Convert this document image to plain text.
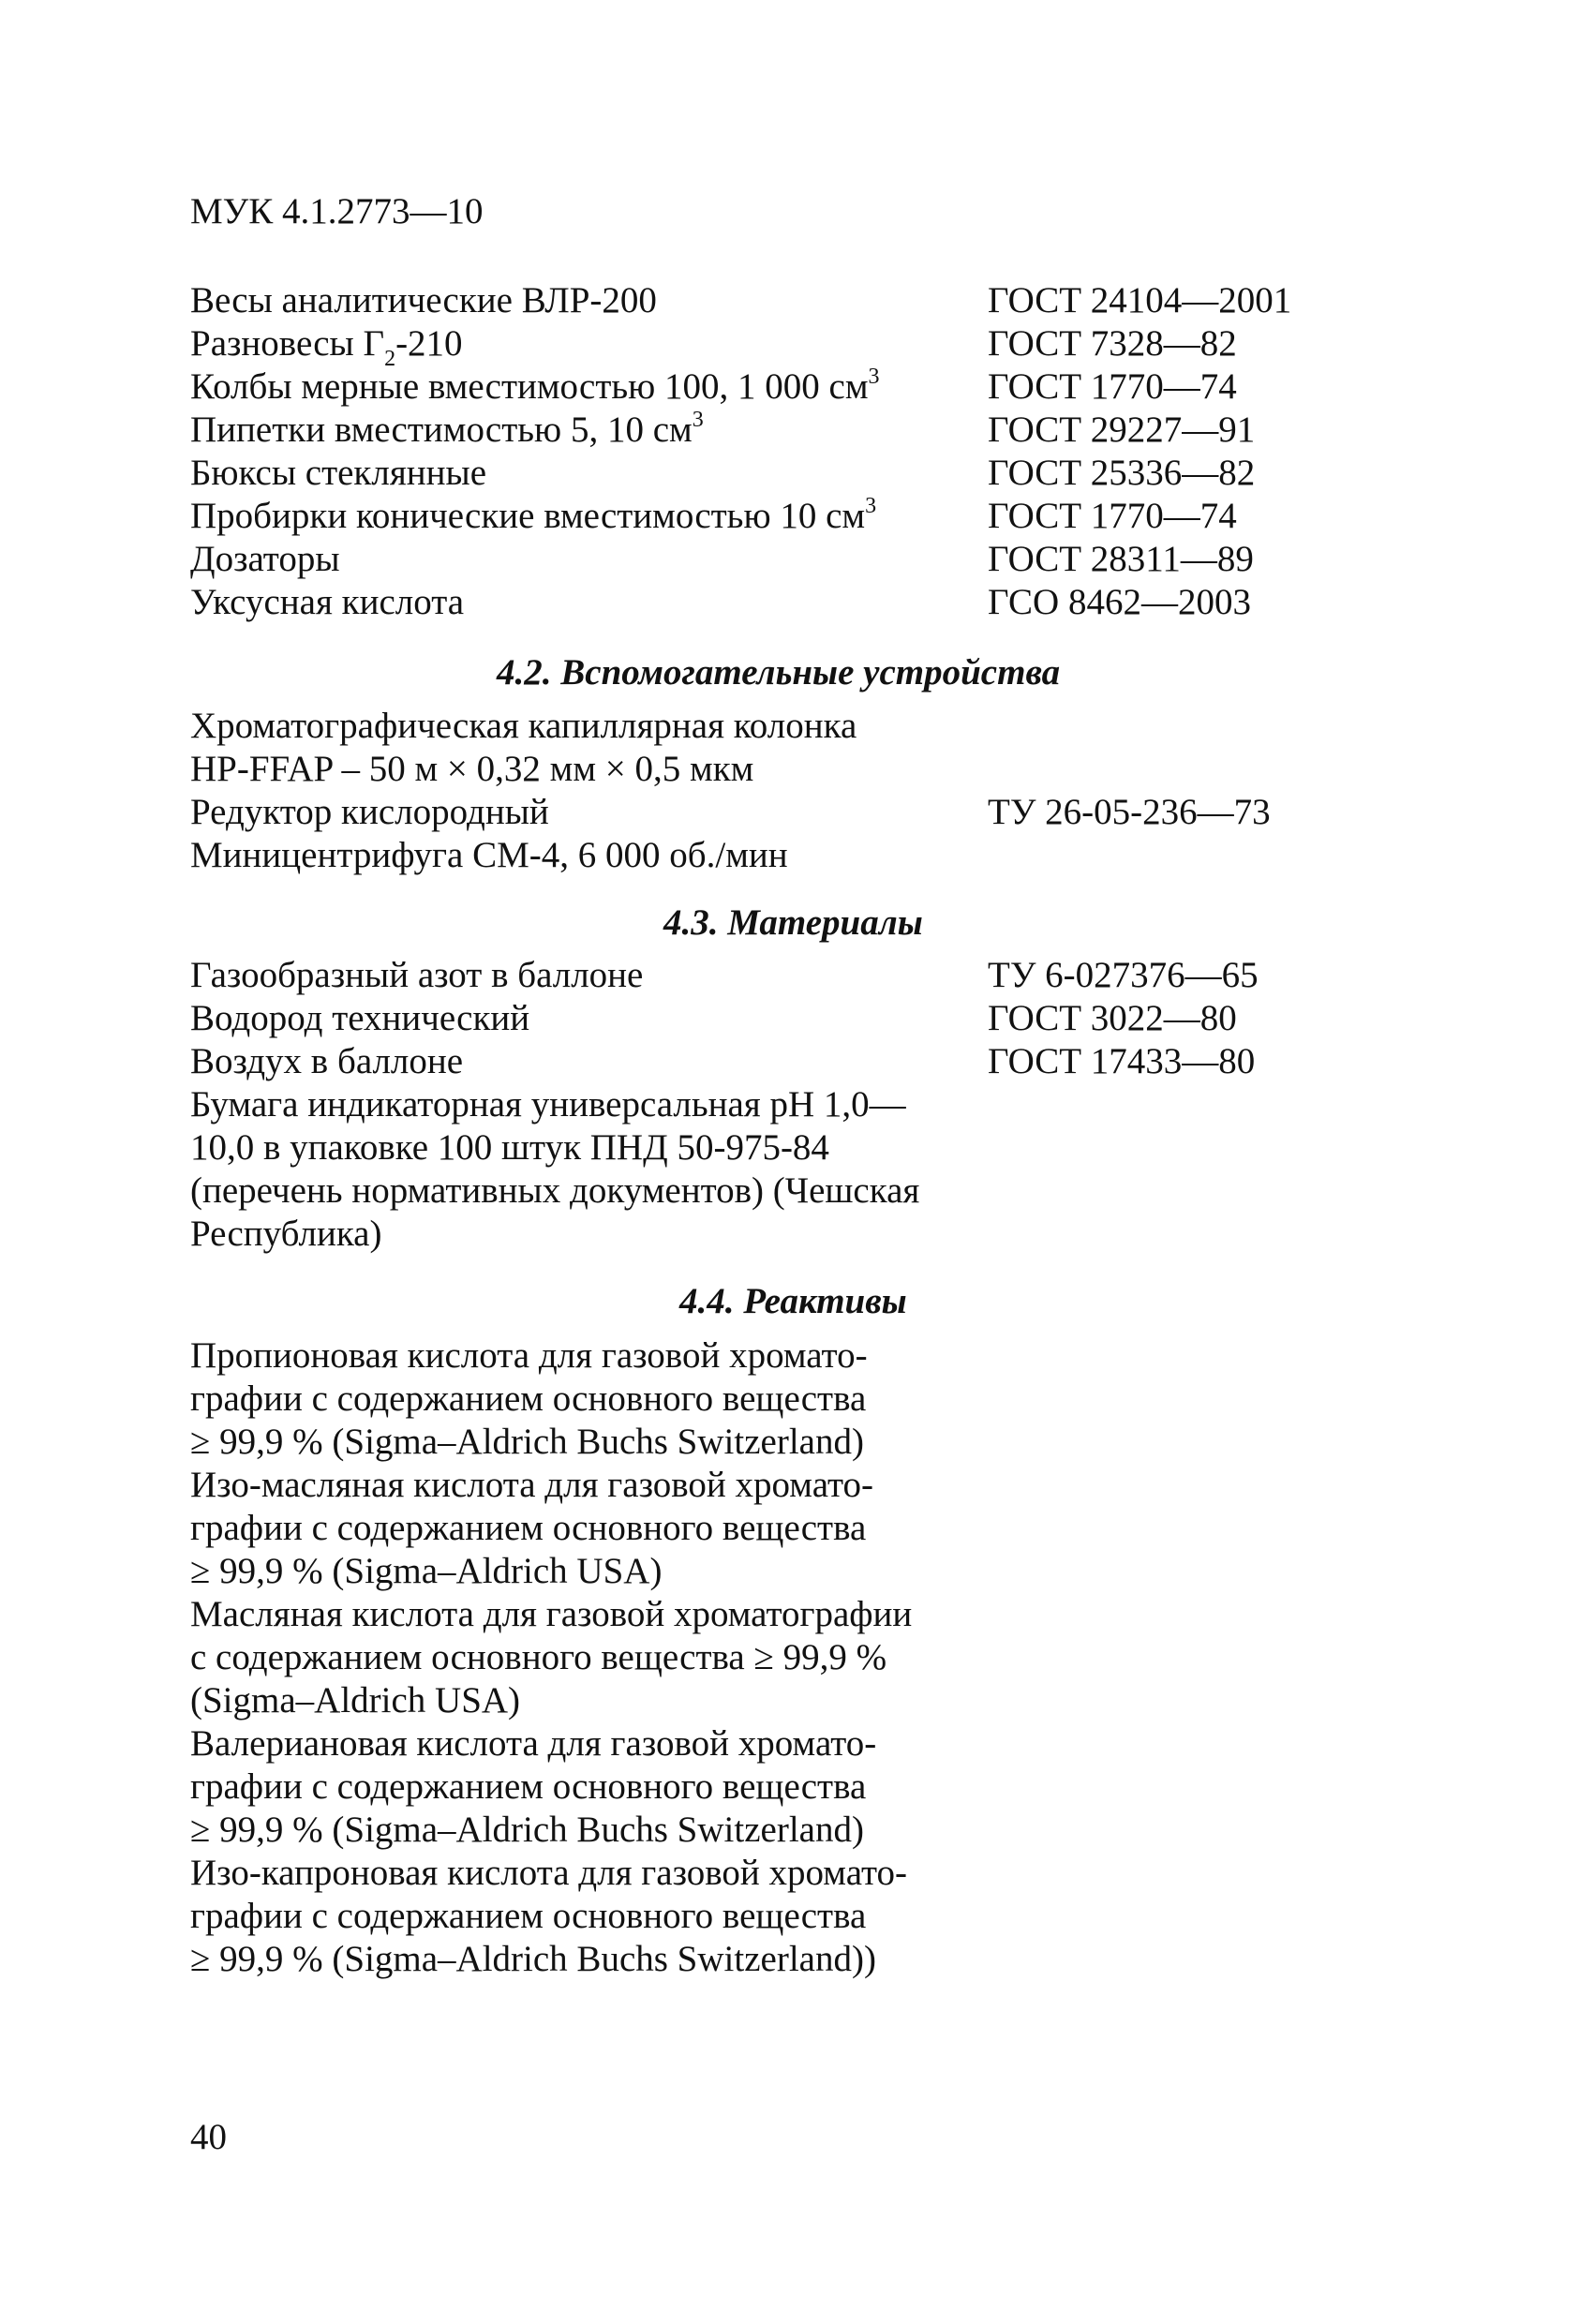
МУК 4.1.2773—10
Весы аналитические ВЛР-200	ГОСТ 24104—2001
Разновесы $Г_2-210$	ГОСТ 7328—82
Колбы мерные вместимостью 100, 1 000 $см^3$	ГОСТ 1770—74
Пипетки вместимостью 5, 10 $см^3$	ГОСТ 29227—91
Бюксы стеклянные	ГОСТ 25336—82
Пробирки конические вместимостью 10 $см^3$	ГОСТ 1770—74
Дозаторы	ГОСТ 28311—89
Уксусная кислота	ГСО 8462—2003
4.2. Вспомогательные устройства
Хроматографическая капиллярная колонка
HP-FFAP – 50 м × 0,32 мм × 0,5 мкм
Редуктор кислородный	ТУ 26-05-236—73
Миницентрифуга СМ-4, 6 000 об./мин
4.3. Материалы
Газообразный азот в баллоне	ТУ 6-027376—65
Водород технический	ГОСТ 3022—80
Воздух в баллоне	ГОСТ 17433—80
Бумага индикаторная универсальная рН 1,0—
10,0 в упаковке 100 штук ПНД 50-975-84
(перечень нормативных документов) (Чешская
Республика)
4.4. Реактивы
Пропионовая кислота для газовой хромато-
графии с содержанием основного вещества
≥ 99,9 % (Sigma–Aldrich Buchs Switzerland)
Изо-масляная кислота для газовой хромато-
графии с содержанием основного вещества
≥ 99,9 % (Sigma–Aldrich USA)
Масляная кислота для газовой хроматографии
с содержанием основного вещества ≥ 99,9 %
(Sigma–Aldrich USA)
Валериановая кислота для газовой хромато-
графии с содержанием основного вещества
≥ 99,9 % (Sigma–Aldrich Buchs Switzerland)
Изо-капроновая кислота для газовой хромато-
графии с содержанием основного вещества
≥ 99,9 % (Sigma–Aldrich Buchs Switzerland))
40
